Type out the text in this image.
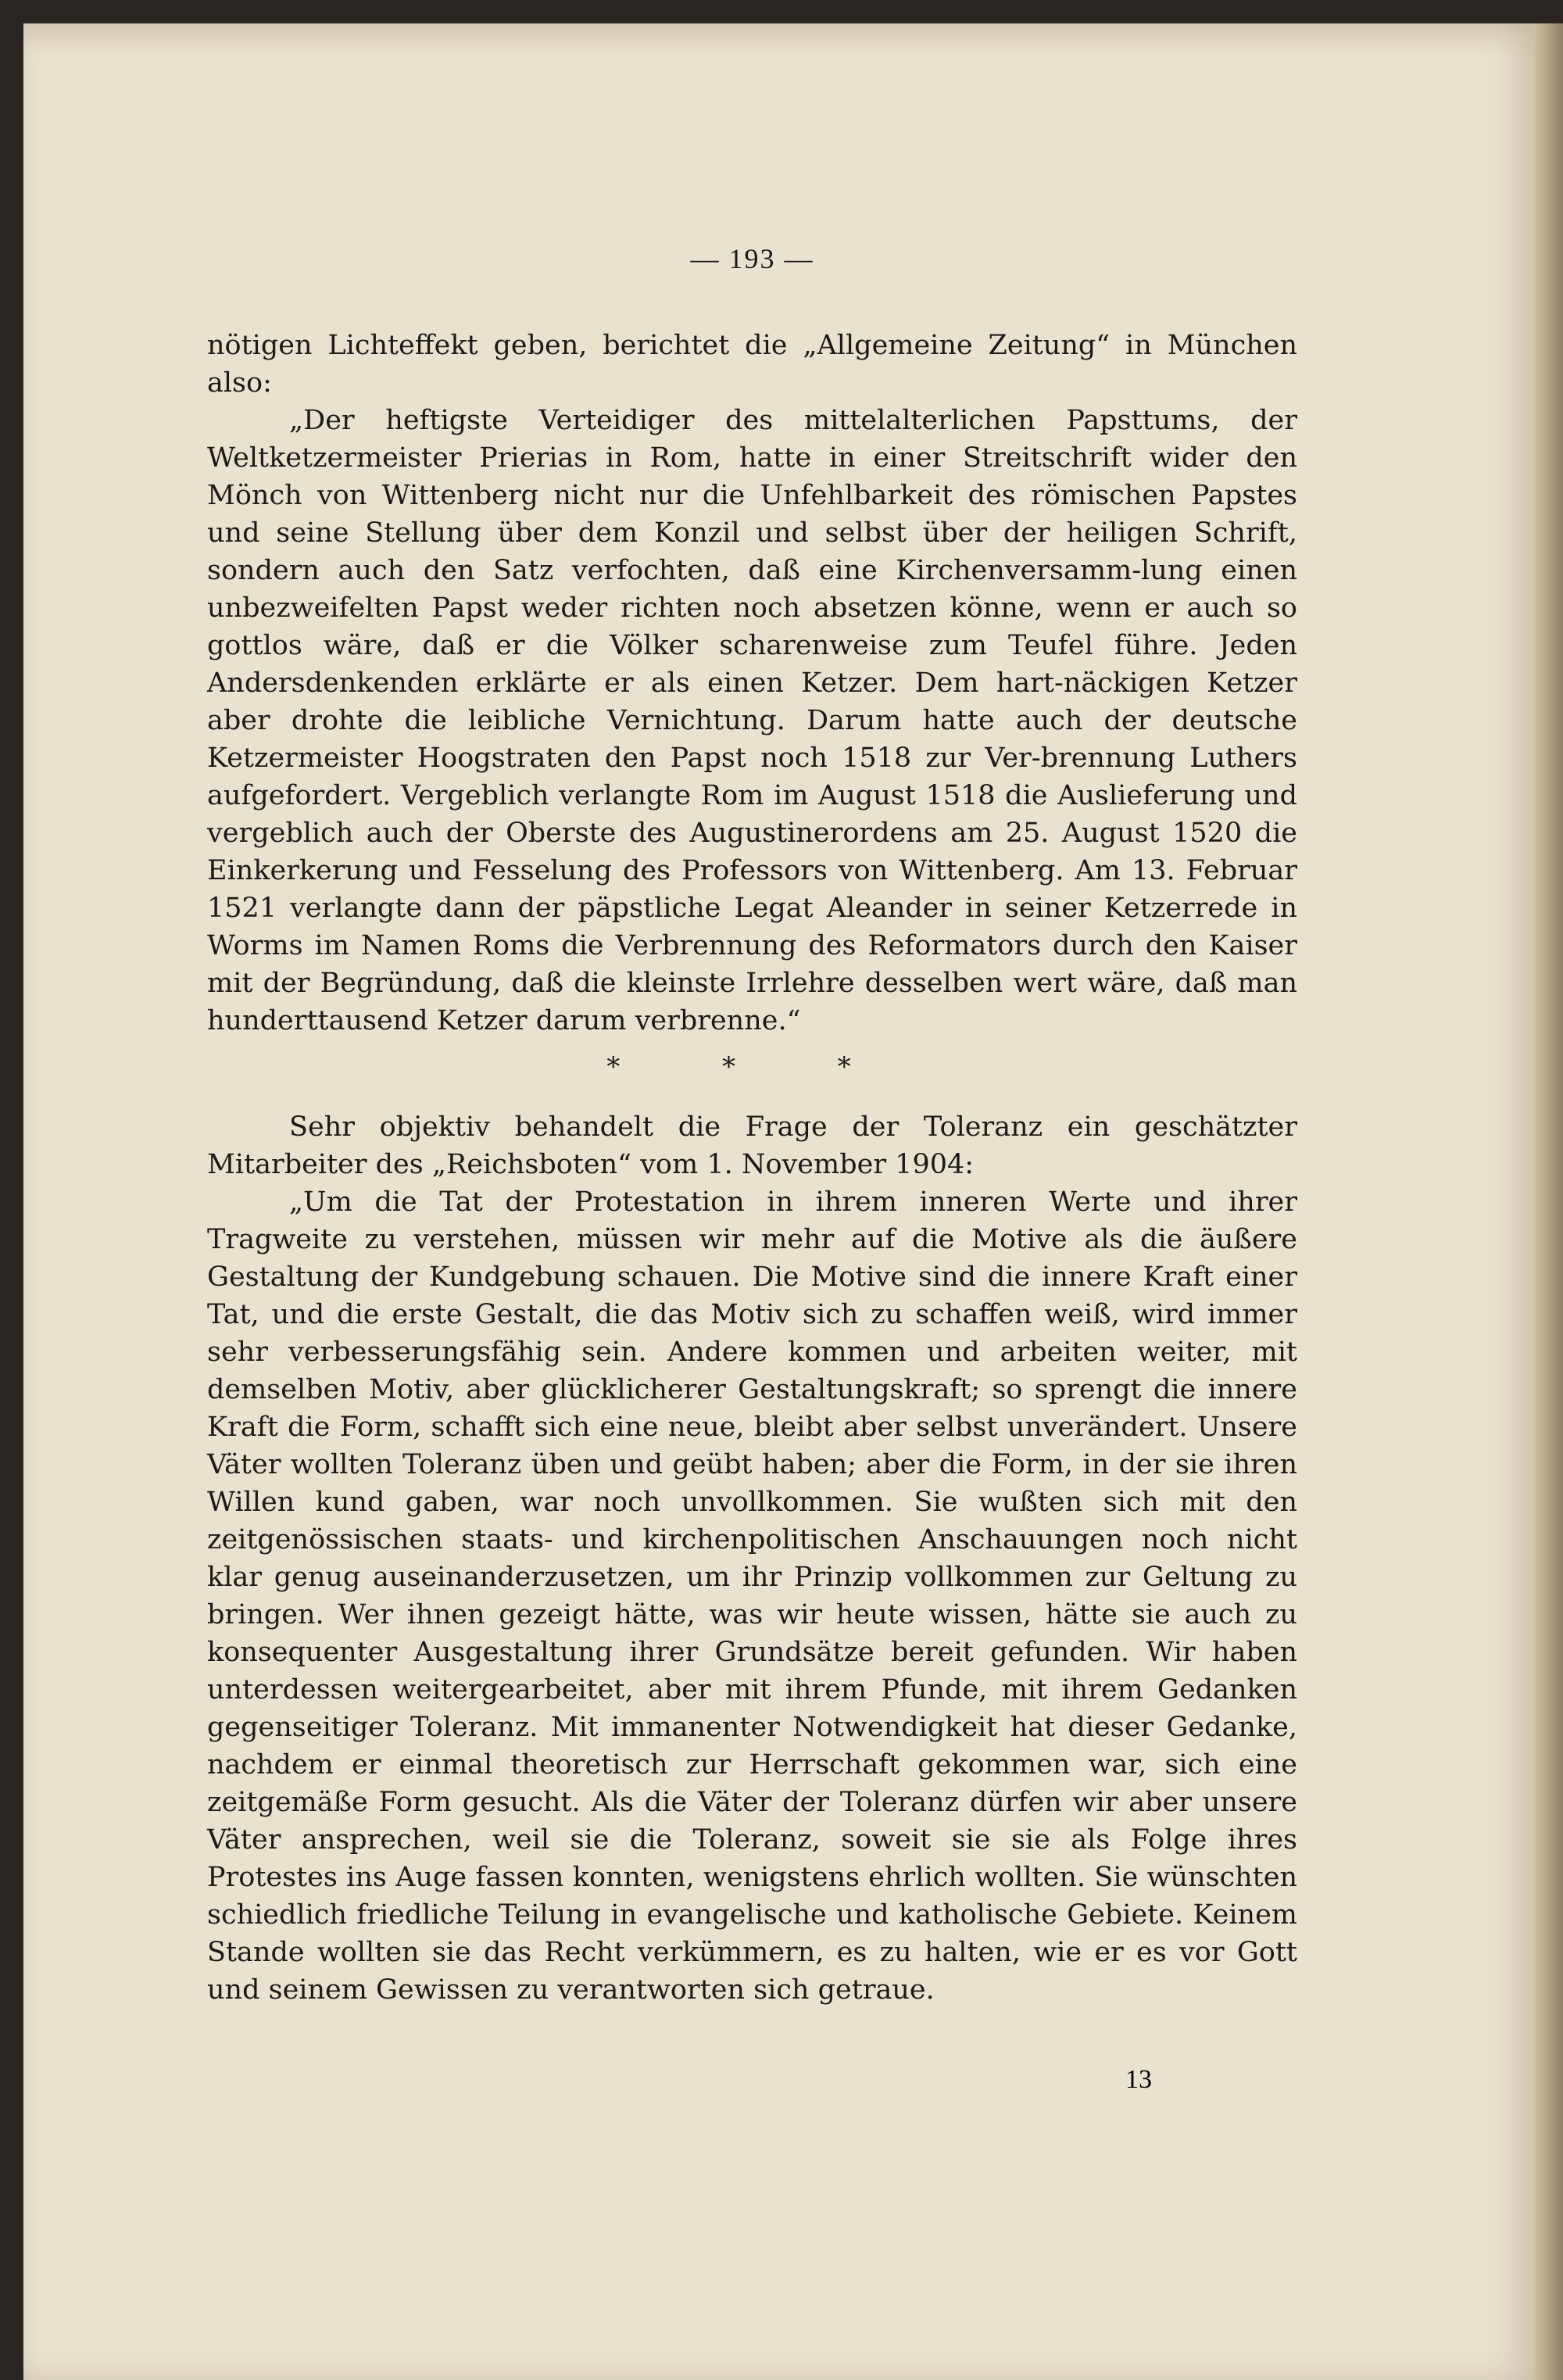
— 193 —

nötigen Lichteffekt geben, berichtet die „Allgemeine Zeitung“ in München also:

„Der heftigste Verteidiger des mittelalterlichen Papsttums, der Weltketzermeister Prierias in Rom, hatte in einer Streitschrift wider den Mönch von Wittenberg nicht nur die Unfehlbarkeit des römischen Papstes und seine Stellung über dem Konzil und selbst über der heiligen Schrift, sondern auch den Satz verfochten, daß eine Kirchenversamm-lung einen unbezweifelten Papst weder richten noch absetzen könne, wenn er auch so gottlos wäre, daß er die Völker scharenweise zum Teufel führe. Jeden Andersdenkenden erklärte er als einen Ketzer. Dem hart-näckigen Ketzer aber drohte die leibliche Vernichtung. Darum hatte auch der deutsche Ketzermeister Hoogstraten den Papst noch 1518 zur Ver-brennung Luthers aufgefordert. Vergeblich verlangte Rom im August 1518 die Auslieferung und vergeblich auch der Oberste des Augustinerordens am 25. August 1520 die Einkerkerung und Fesselung des Professors von Wittenberg. Am 13. Februar 1521 verlangte dann der päpstliche Legat Aleander in seiner Ketzerrede in Worms im Namen Roms die Verbrennung des Reformators durch den Kaiser mit der Begründung, daß die kleinste Irrlehre desselben wert wäre, daß man hunderttausend Ketzer darum verbrenne.“

* * *

Sehr objektiv behandelt die Frage der Toleranz ein geschätzter Mitarbeiter des „Reichsboten“ vom 1. November 1904:

„Um die Tat der Protestation in ihrem inneren Werte und ihrer Tragweite zu verstehen, müssen wir mehr auf die Motive als die äußere Gestaltung der Kundgebung schauen. Die Motive sind die innere Kraft einer Tat, und die erste Gestalt, die das Motiv sich zu schaffen weiß, wird immer sehr verbesserungsfähig sein. Andere kommen und arbeiten weiter, mit demselben Motiv, aber glücklicherer Gestaltungskraft; so sprengt die innere Kraft die Form, schafft sich eine neue, bleibt aber selbst unverändert. Unsere Väter wollten Toleranz üben und geübt haben; aber die Form, in der sie ihren Willen kund gaben, war noch unvollkommen. Sie wußten sich mit den zeitgenössischen staats- und kirchenpolitischen Anschauungen noch nicht klar genug auseinanderzusetzen, um ihr Prinzip vollkommen zur Geltung zu bringen. Wer ihnen gezeigt hätte, was wir heute wissen, hätte sie auch zu konsequenter Ausgestaltung ihrer Grundsätze bereit gefunden. Wir haben unterdessen weitergearbeitet, aber mit ihrem Pfunde, mit ihrem Gedanken gegenseitiger Toleranz. Mit immanenter Notwendigkeit hat dieser Gedanke, nachdem er einmal theoretisch zur Herrschaft gekommen war, sich eine zeitgemäße Form gesucht. Als die Väter der Toleranz dürfen wir aber unsere Väter ansprechen, weil sie die Toleranz, soweit sie sie als Folge ihres Protestes ins Auge fassen konnten, wenigstens ehrlich wollten. Sie wünschten schiedlich friedliche Teilung in evangelische und katholische Gebiete. Keinem Stande wollten sie das Recht verkümmern, es zu halten, wie er es vor Gott und seinem Gewissen zu verantworten sich getraue.

13
